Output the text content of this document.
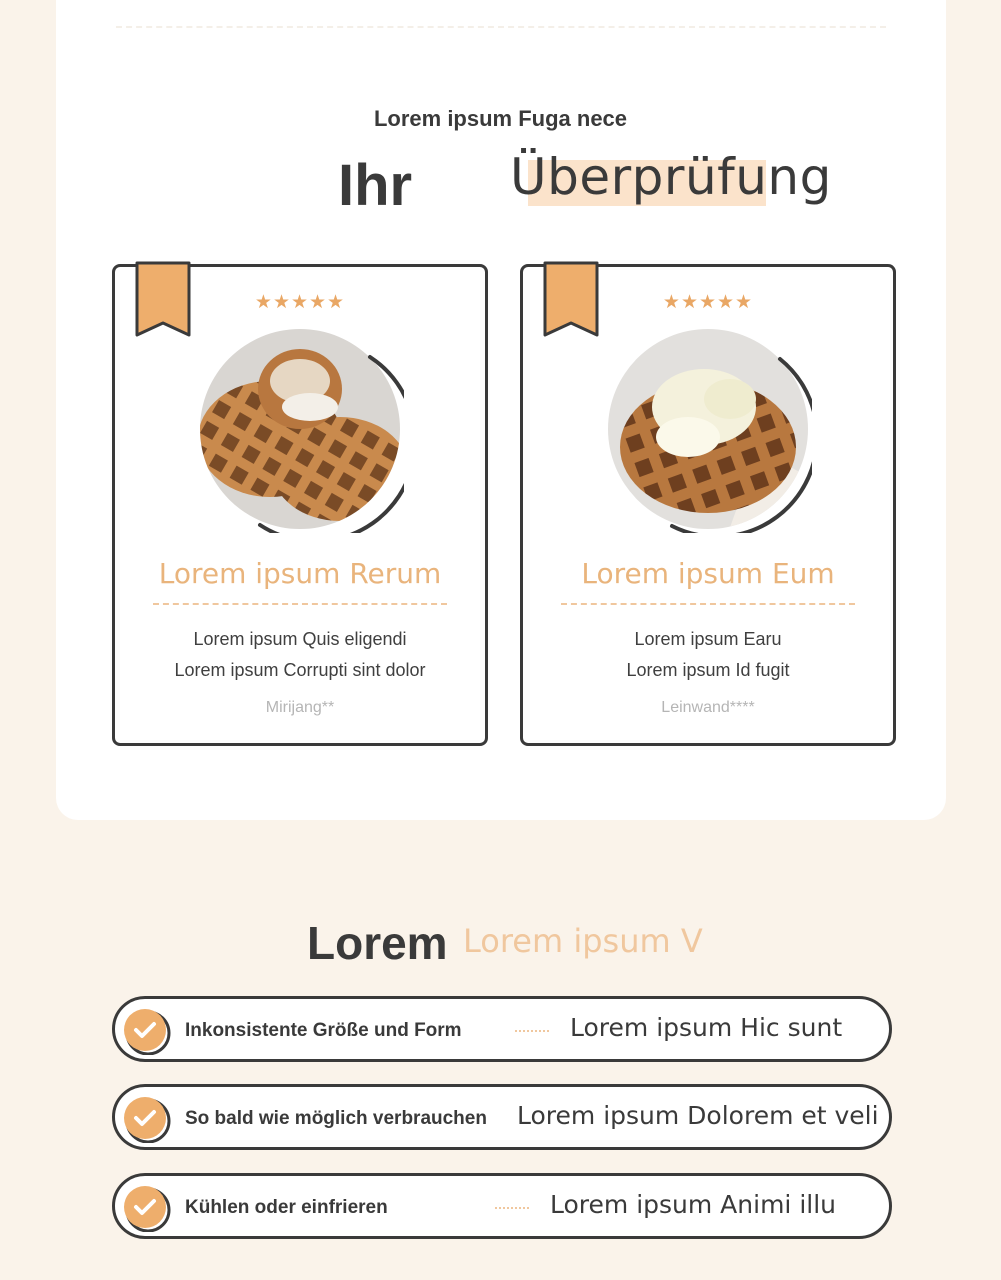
Lorem ipsum Fuga nece
Ihr Überprüfung
★★★★★
Lorem ipsum Rerum
Lorem ipsum Quis eligendi
Lorem ipsum Corrupti sint dolor
Mirijang**
★★★★★
Lorem ipsum Eum
Lorem ipsum Earu
Lorem ipsum Id fugit
Leinwand****
Lorem Lorem ipsum V
Inkonsistente Größe und Form	Lorem ipsum Hic sunt
So bald wie möglich verbrauchen Lorem ipsum Dolorem et veli
Kühlen oder einfrieren	Lorem ipsum Animi illu
